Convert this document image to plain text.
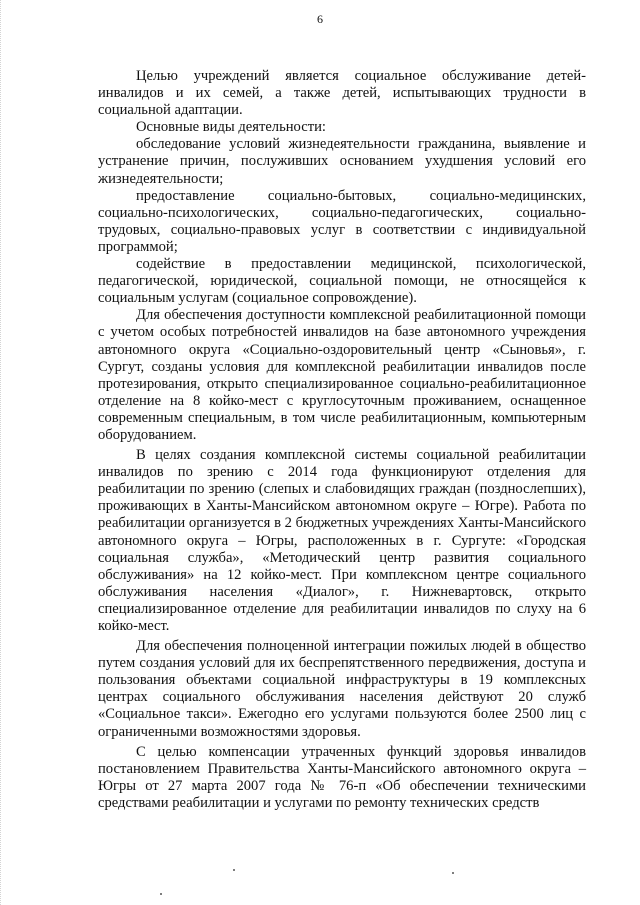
6

Целью учреждений является социальное обслуживание детей-инвалидов и их семей, а также детей, испытывающих трудности в социальной адаптации.

Основные виды деятельности:

обследование условий жизнедеятельности гражданина, выявление и устранение причин, послуживших основанием ухудшения условий его жизнедеятельности;

предоставление социально-бытовых, социально-медицинских, социально-психологических, социально-педагогических, социально-трудовых, социально-правовых услуг в соответствии с индивидуальной программой;

содействие в предоставлении медицинской, психологической, педагогической, юридической, социальной помощи, не относящейся к социальным услугам (социальное сопровождение).

Для обеспечения доступности комплексной реабилитационной помощи с учетом особых потребностей инвалидов на базе автономного учреждения автономного округа «Социально-оздоровительный центр «Сыновья», г. Сургут, созданы условия для комплексной реабилитации инвалидов после протезирования, открыто специализированное социально-реабилитационное отделение на 8 койко-мест с круглосуточным проживанием, оснащенное современным специальным, в том числе реабилитационным, компьютерным оборудованием.

В целях создания комплексной системы социальной реабилитации инвалидов по зрению с 2014 года функционируют отделения для реабилитации по зрению (слепых и слабовидящих граждан (позднослепших), проживающих в Ханты-Мансийском автономном округе – Югре). Работа по реабилитации организуется в 2 бюджетных учреждениях Ханты-Мансийского автономного округа – Югры, расположенных в г. Сургуте: «Городская социальная служба», «Методический центр развития социального обслуживания» на 12 койко-мест. При комплексном центре социального обслуживания населения «Диалог», г. Нижневартовск, открыто специализированное отделение для реабилитации инвалидов по слуху на 6 койко-мест.

Для обеспечения полноценной интеграции пожилых людей в общество путем создания условий для их беспрепятственного передвижения, доступа и пользования объектами социальной инфраструктуры в 19 комплексных центрах социального обслуживания населения действуют 20 служб «Социальное такси». Ежегодно его услугами пользуются более 2500 лиц с ограниченными возможностями здоровья.

С целью компенсации утраченных функций здоровья инвалидов постановлением Правительства Ханты-Мансийского автономного округа – Югры от 27 марта 2007 года № 76-п «Об обеспечении техническими средствами реабилитации и услугами по ремонту технических средств
